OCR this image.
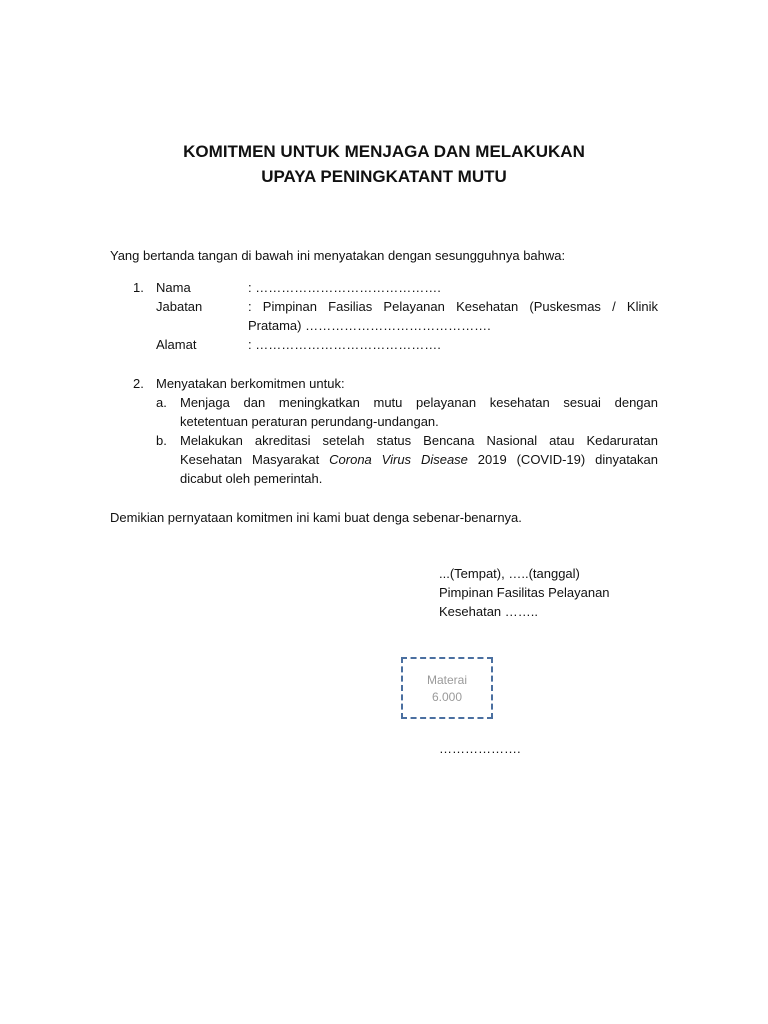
KOMITMEN UNTUK MENJAGA DAN MELAKUKAN
UPAYA PENINGKATANT MUTU
Yang bertanda tangan di bawah ini menyatakan dengan sesungguhnya bahwa:
1. Nama	: …………………………………….
Jabatan	: Pimpinan Fasilias Pelayanan Kesehatan (Puskesmas / Klinik Pratama) …………………………………….
Alamat	: …………………………………….
2. Menyatakan berkomitmen untuk:
a. Menjaga dan meningkatkan mutu pelayanan kesehatan sesuai dengan
ketetentuan peraturan perundang-undangan.
b. Melakukan akreditasi setelah status Bencana Nasional atau Kedaruratan
Kesehatan Masyarakat Corona Virus Disease 2019 (COVID-19) dinyatakan
dicabut oleh pemerintah.
Demikian pernyataan komitmen ini kami buat denga sebenar-benarnya.
...(Tempat), …..(tanggal)
Pimpinan Fasilitas Pelayanan
Kesehatan ……..
Materai
6.000
……………….
